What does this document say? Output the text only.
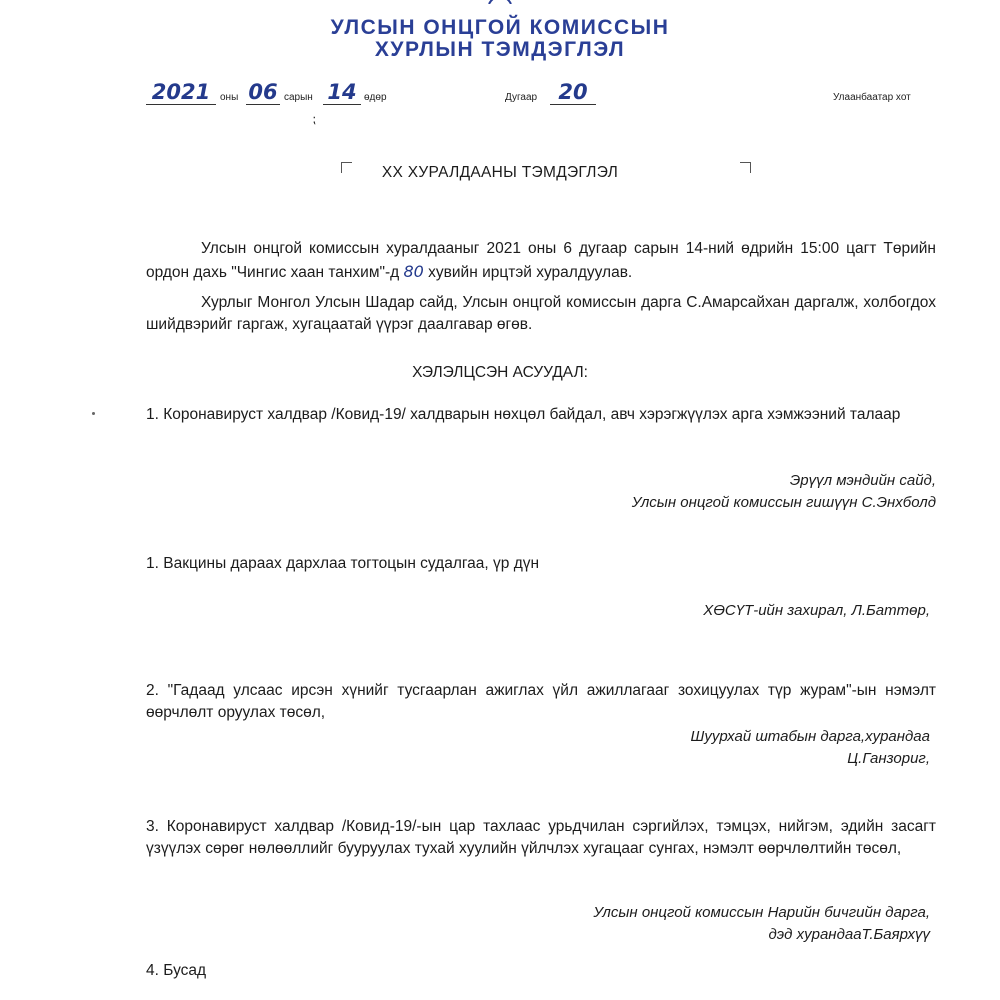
УЛСЫН ОНЦГОЙ КОМИССЫН
ХУРЛЫН ТЭМДЭГЛЭЛ
2021 оны 06 сарын 14 өдөр
⁏
Дугаар	20	Улаанбаатар хот
XX ХУРАЛДААНЫ ТЭМДЭГЛЭЛ
Улсын онцгой комиссын хуралдааныг 2021 оны 6 дугаар сарын 14-ний өдрийн 15:00 цагт Төрийн ордон дахь "Чингис хаан танхим"-д 80 хувийн ирцтэй хуралдуулав.
Хурлыг Монгол Улсын Шадар сайд, Улсын онцгой комиссын дарга С.Амарсайхан даргалж, холбогдох шийдвэрийг гаргаж, хугацаатай үүрэг даалгавар өгөв.
ХЭЛЭЛЦСЭН АСУУДАЛ:
1. Коронавируст халдвар /Ковид-19/ халдварын нөхцөл байдал, авч хэрэгжүүлэх арга хэмжээний талаар
Эрүүл мэндийн сайд,
Улсын онцгой комиссын гишүүн С.Энхболд
1. Вакцины дараах дархлаа тогтоцын судалгаа, үр дүн
ХӨСҮТ-ийн захирал, Л.Баттөр,
2. "Гадаад улсаас ирсэн хүнийг тусгаарлан ажиглах үйл ажиллагааг зохицуулах түр журам"-ын нэмэлт өөрчлөлт оруулах төсөл,
Шуурхай штабын дарга,хурандаа
Ц.Ганзориг,
3. Коронавируст халдвар /Ковид-19/-ын цар тахлаас урьдчилан сэргийлэх, тэмцэх, нийгэм, эдийн засагт үзүүлэх сөрөг нөлөөллийг бууруулах тухай хуулийн үйлчлэх хугацааг сунгах, нэмэлт өөрчлөлтийн төсөл,
Улсын онцгой комиссын Нарийн бичгийн дарга,
дэд хурандааТ.Баярхүү
4. Бусад
